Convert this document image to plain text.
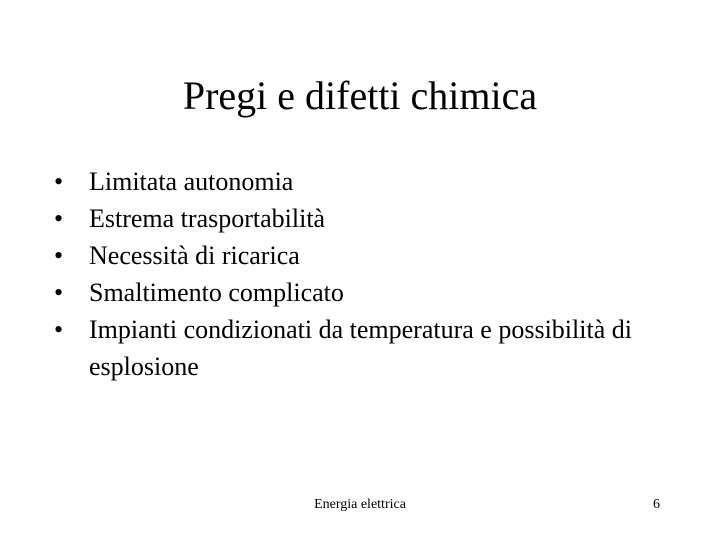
Pregi e difetti chimica
• Limitata autonomia
• Estrema trasportabilità
• Necessità di ricarica
• Smaltimento complicato
• Impianti condizionati da temperatura e possibilità di esplosione
Energia elettrica	6
